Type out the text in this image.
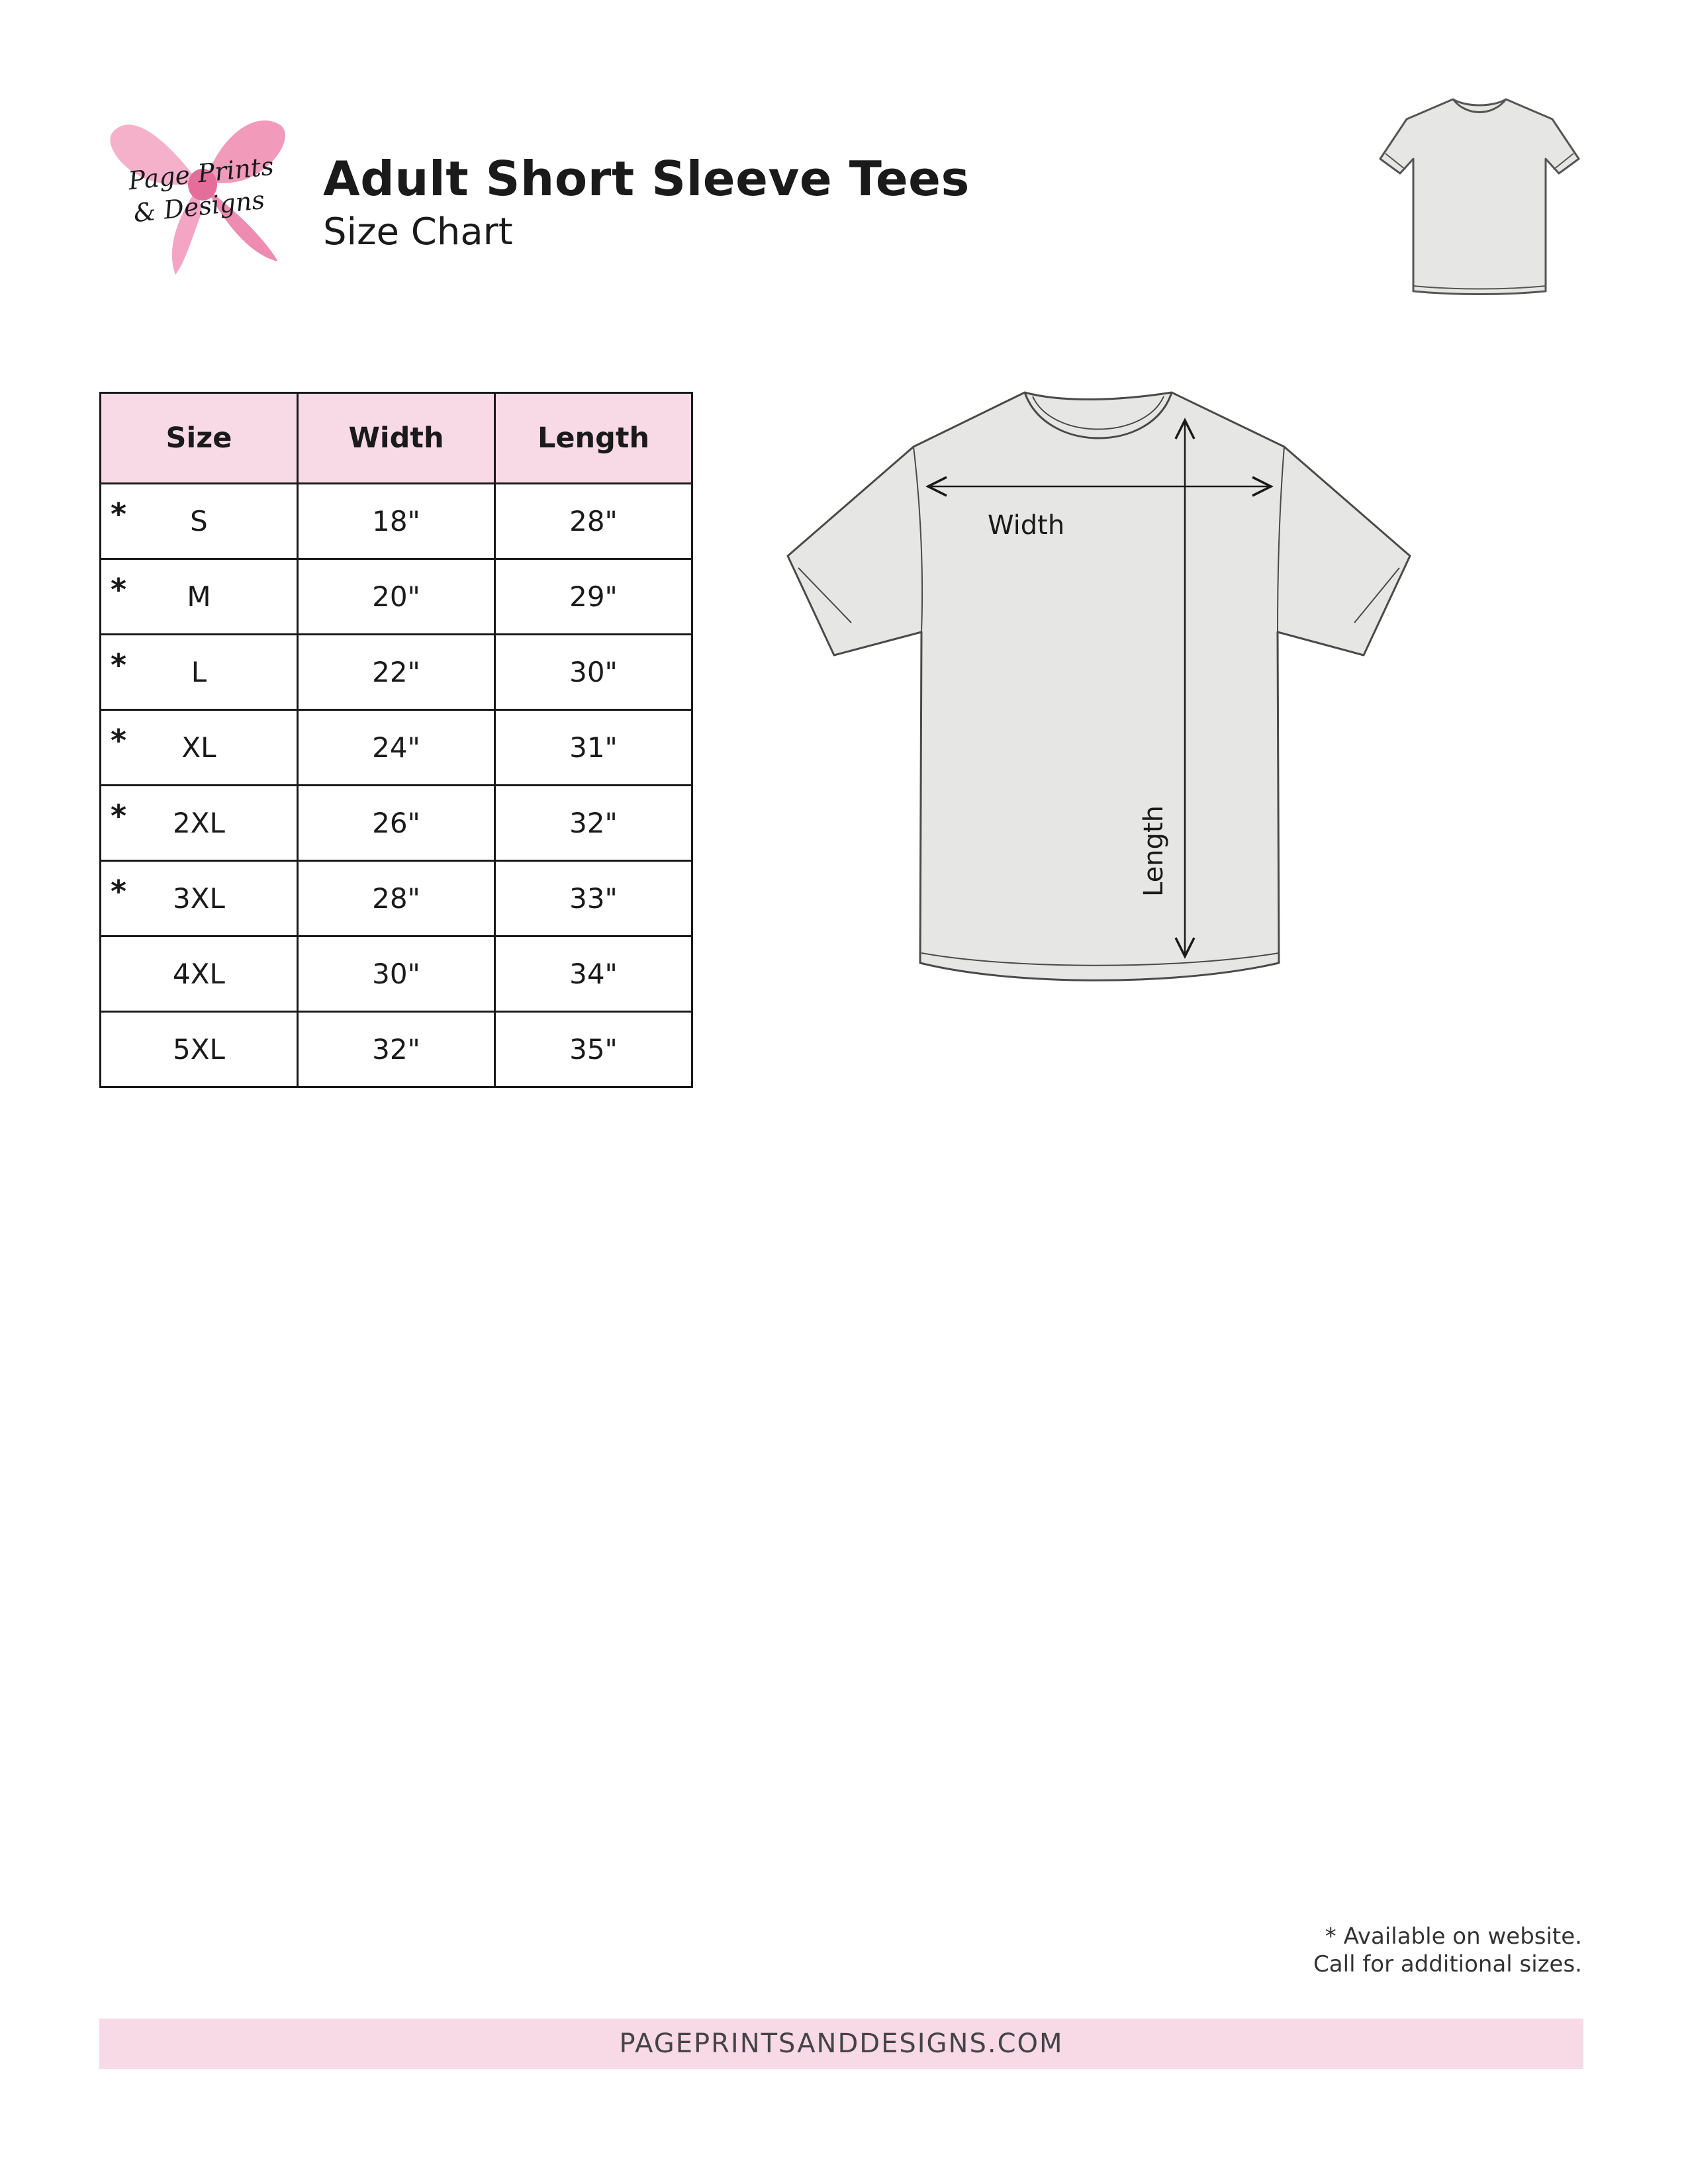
Page Prints
& Designs
Adult Short Sleeve Tees
Size Chart
Size	Width	Length

* S	18"	28"

* M	20"	29"

* L	22"	30"

* XL	24"	31"

* 2XL	26"	32"

* 3XL	28"	33"

4XL	30"	34"

5XL	32"	35"
Width
Length
* Available on website.
Call for additional sizes.
PAGEPRINTSANDDESIGNS.COM
